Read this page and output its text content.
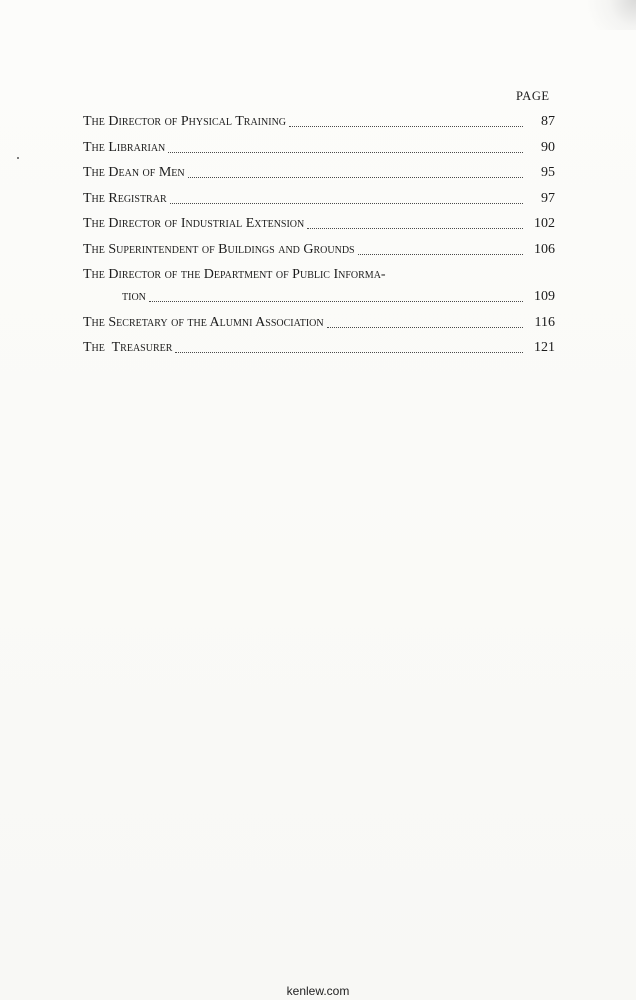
PAGE
The Director of Physical Training	87
The Librarian	90
The Dean of Men	95
The Registrar	97
The Director of Industrial Extension	102
The Superintendent of Buildings and Grounds	106
The Director of the Department of Public Informa-
tion	109
The Secretary of the Alumni Association	116
The  Treasurer	121
kenlew.com
